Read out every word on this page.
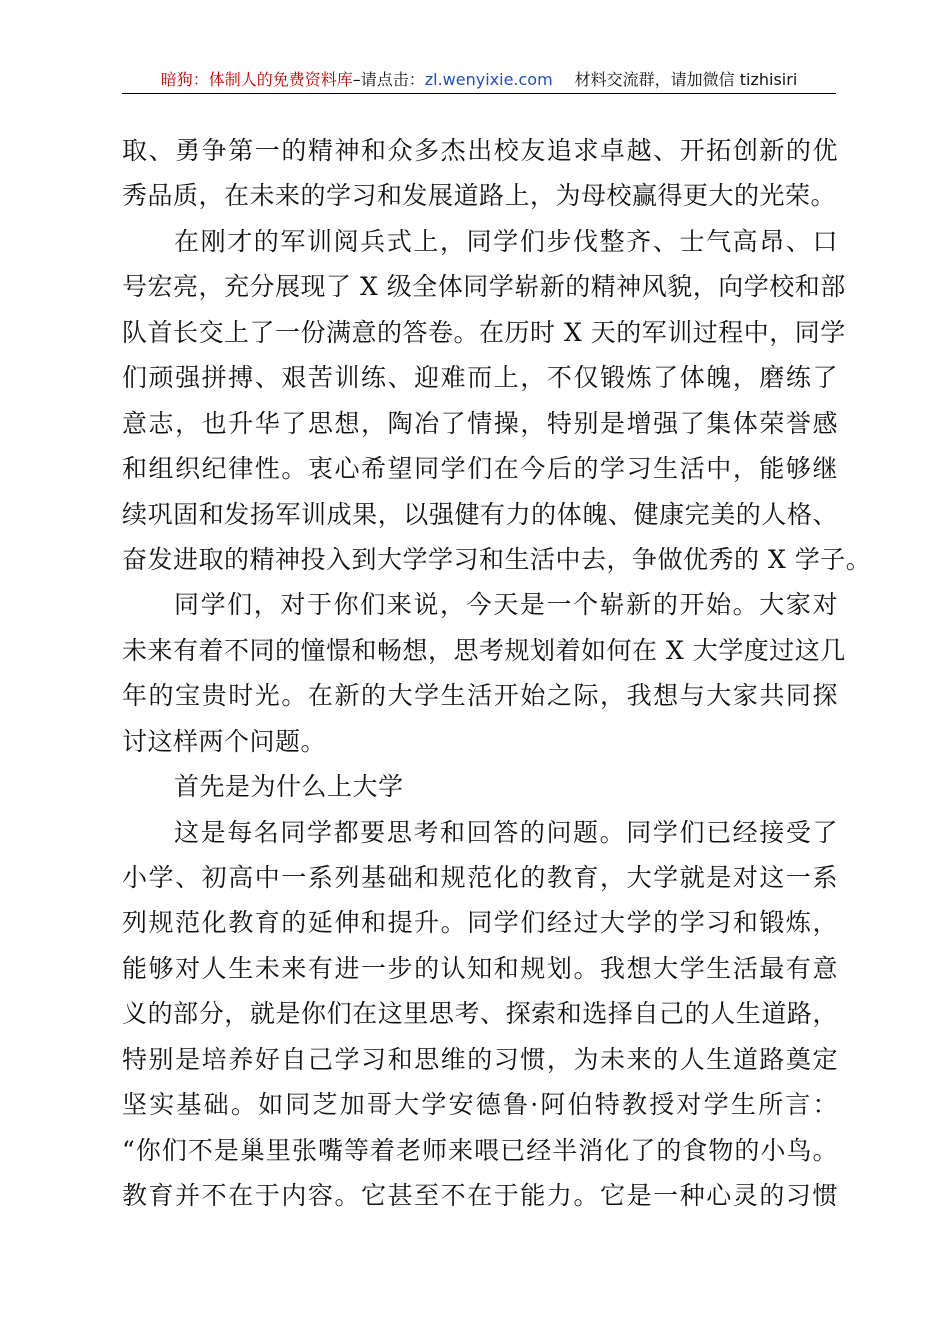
暗狗：体制人的免费资料库–请点击：zl.wenyixie.com 材料交流群，请加微信 tizhisiri
取、勇争第一的精神和众多杰出校友追求卓越、开拓创新的优
秀品质，在未来的学习和发展道路上，为母校赢得更大的光荣。
在刚才的军训阅兵式上，同学们步伐整齐、士气高昂、口
号宏亮，充分展现了 X 级全体同学崭新的精神风貌，向学校和部
队首长交上了一份满意的答卷。在历时 X 天的军训过程中，同学
们顽强拼搏、艰苦训练、迎难而上，不仅锻炼了体魄，磨练了
意志，也升华了思想，陶冶了情操，特别是增强了集体荣誉感
和组织纪律性。衷心希望同学们在今后的学习生活中，能够继
续巩固和发扬军训成果，以强健有力的体魄、健康完美的人格、
奋发进取的精神投入到大学学习和生活中去，争做优秀的 X 学子。
同学们，对于你们来说，今天是一个崭新的开始。大家对
未来有着不同的憧憬和畅想，思考规划着如何在 X 大学度过这几
年的宝贵时光。在新的大学生活开始之际，我想与大家共同探
讨这样两个问题。
首先是为什么上大学
这是每名同学都要思考和回答的问题。同学们已经接受了
小学、初高中一系列基础和规范化的教育，大学就是对这一系
列规范化教育的延伸和提升。同学们经过大学的学习和锻炼，
能够对人生未来有进一步的认知和规划。我想大学生活最有意
义的部分，就是你们在这里思考、探索和选择自己的人生道路，
特别是培养好自己学习和思维的习惯，为未来的人生道路奠定
坚实基础。如同芝加哥大学安德鲁·阿伯特教授对学生所言：
“你们不是巢里张嘴等着老师来喂已经半消化了的食物的小鸟。
教育并不在于内容。它甚至不在于能力。它是一种心灵的习惯
